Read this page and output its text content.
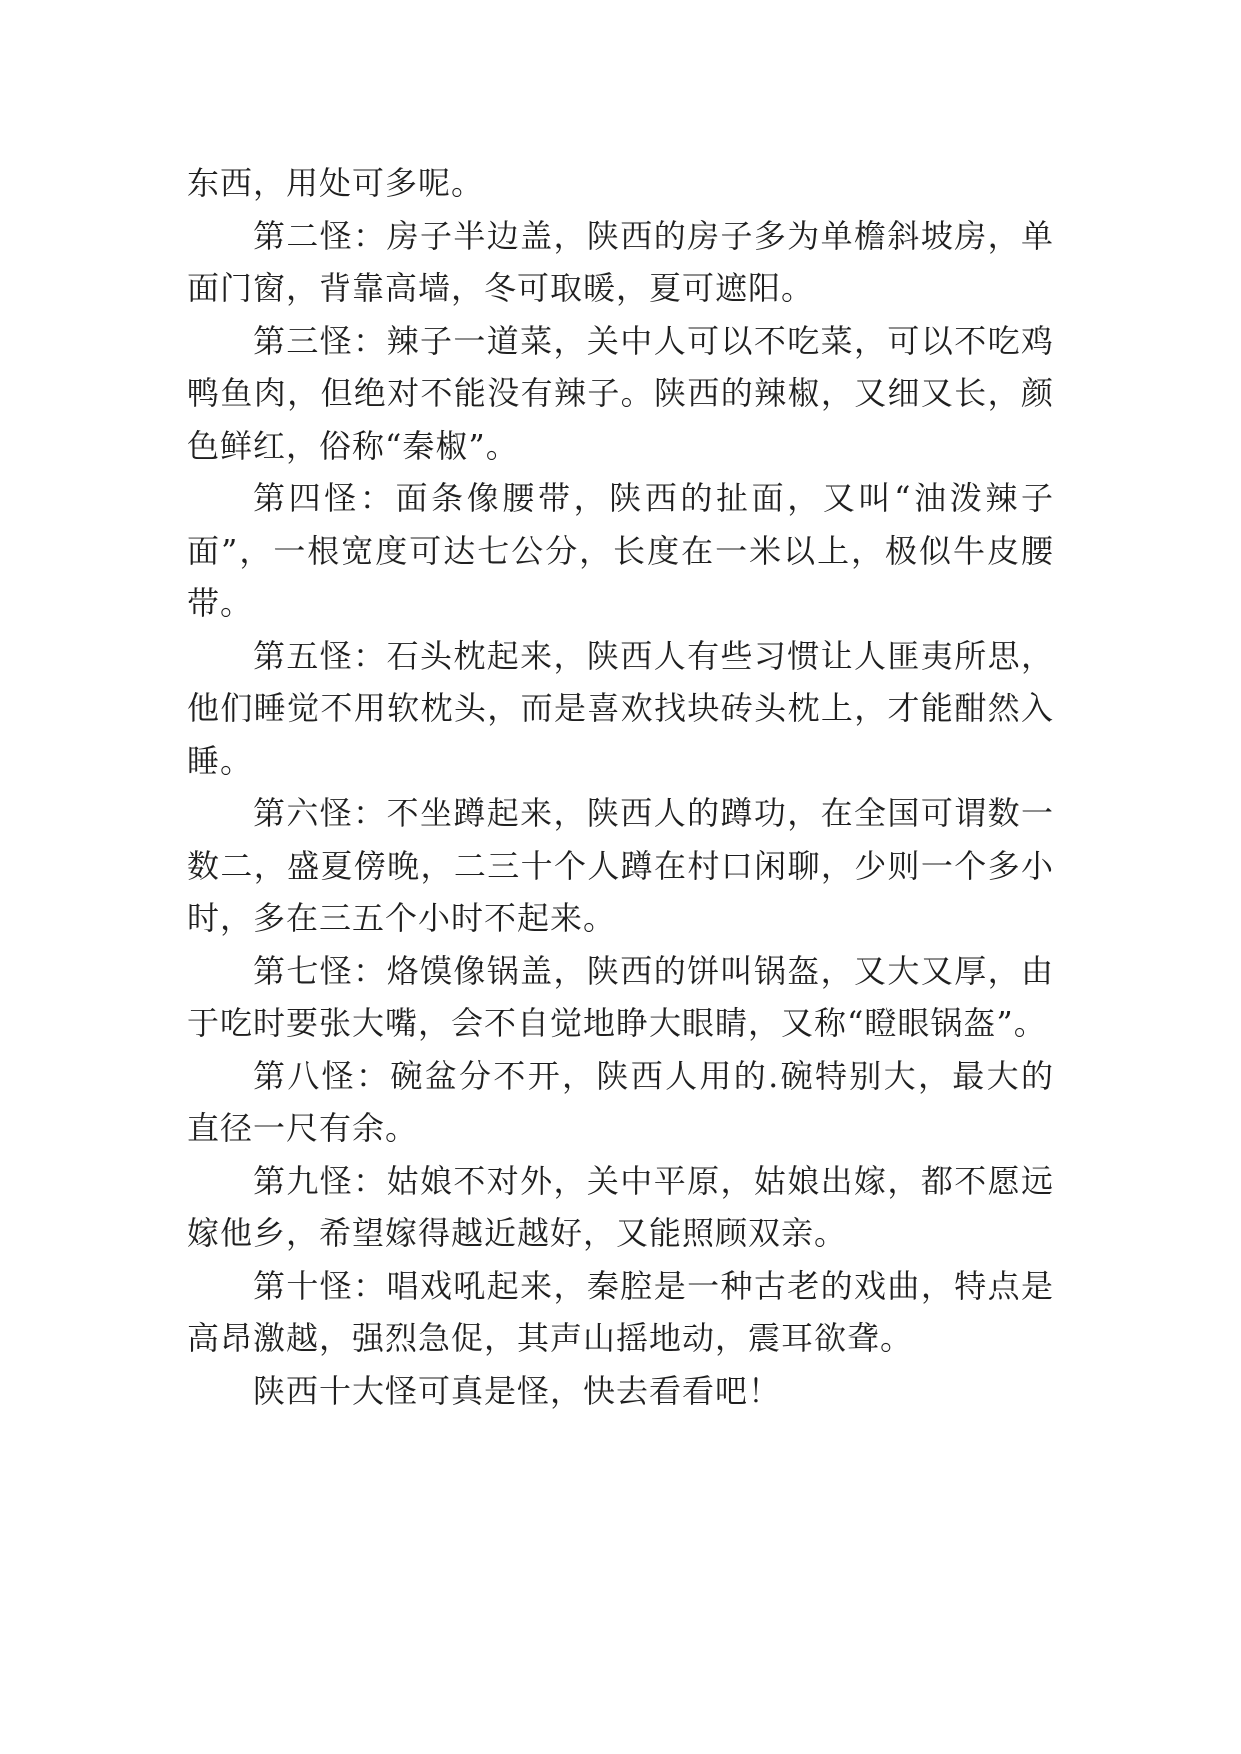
东西，用处可多呢。
第二怪：房子半边盖，陕西的房子多为单檐斜坡房，单
面门窗，背靠高墙，冬可取暖，夏可遮阳。
第三怪：辣子一道菜，关中人可以不吃菜，可以不吃鸡
鸭鱼肉，但绝对不能没有辣子。陕西的辣椒，又细又长，颜
色鲜红，俗称“秦椒”。
第四怪：面条像腰带，陕西的扯面，又叫“油泼辣子
面”，一根宽度可达七公分，长度在一米以上，极似牛皮腰
带。
第五怪：石头枕起来，陕西人有些习惯让人匪夷所思，
他们睡觉不用软枕头，而是喜欢找块砖头枕上，才能酣然入
睡。
第六怪：不坐蹲起来，陕西人的蹲功，在全国可谓数一
数二，盛夏傍晚，二三十个人蹲在村口闲聊，少则一个多小
时，多在三五个小时不起来。
第七怪：烙馍像锅盖，陕西的饼叫锅盔，又大又厚，由
于吃时要张大嘴，会不自觉地睁大眼睛，又称“瞪眼锅盔”。
第八怪：碗盆分不开，陕西人用的.碗特别大，最大的
直径一尺有余。
第九怪：姑娘不对外，关中平原，姑娘出嫁，都不愿远
嫁他乡，希望嫁得越近越好，又能照顾双亲。
第十怪：唱戏吼起来，秦腔是一种古老的戏曲，特点是
高昂激越，强烈急促，其声山摇地动，震耳欲聋。
陕西十大怪可真是怪，快去看看吧！
